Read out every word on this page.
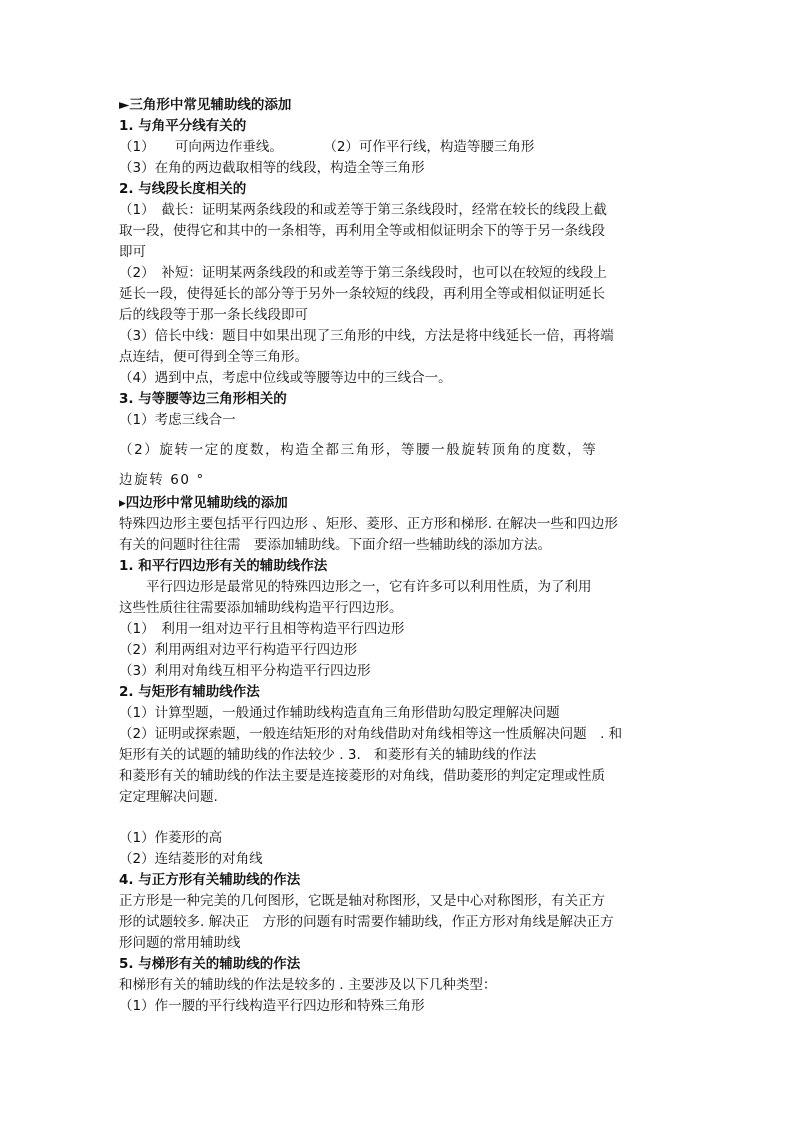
►三角形中常见辅助线的添加
1. 与角平分线有关的
（1）　　可向两边作垂线。　　　　（2）可作平行线，构造等腰三角形
（3）在角的两边截取相等的线段，构造全等三角形
2. 与线段长度相关的
（1）　截长：证明某两条线段的和或差等于第三条线段时，经常在较长的线段上截
取一段，使得它和其中的一条相等，再利用全等或相似证明余下的等于另一条线段
即可
（2）　补短：证明某两条线段的和或差等于第三条线段时，也可以在较短的线段上
延长一段，使得延长的部分等于另外一条较短的线段，再利用全等或相似证明延长
后的线段等于那一条长线段即可
（3）倍长中线：题目中如果出现了三角形的中线，方法是将中线延长一倍，再将端
点连结，便可得到全等三角形。
（4）遇到中点，考虑中位线或等腰等边中的三线合一。
3. 与等腰等边三角形相关的
（1）考虑三线合一
（2）旋转一定的度数，构造全都三角形，等腰一般旋转顶角的度数，等
边旋转 60 °
▸四边形中常见辅助线的添加
特殊四边形主要包括平行四边形 、矩形、菱形、正方形和梯形. 在解决一些和四边形
有关的问题时往往需　要添加辅助线。下面介绍一些辅助线的添加方法。
1. 和平行四边形有关的辅助线作法
　　平行四边形是最常见的特殊四边形之一，它有许多可以利用性质，为了利用
这些性质往往需要添加辅助线构造平行四边形。
（1）　利用一组对边平行且相等构造平行四边形
（2）利用两组对边平行构造平行四边形
（3）利用对角线互相平分构造平行四边形
2. 与矩形有辅助线作法
（1）计算型题，一般通过作辅助线构造直角三角形借助勾股定理解决问题
（2）证明或探索题，一般连结矩形的对角线借助对角线相等这一性质解决问题　. 和
矩形有关的试题的辅助线的作法较少 . 3.　和菱形有关的辅助线的作法
和菱形有关的辅助线的作法主要是连接菱形的对角线，借助菱形的判定定理或性质
定定理解决问题.
（1）作菱形的高
（2）连结菱形的对角线
4. 与正方形有关辅助线的作法
正方形是一种完美的几何图形，它既是轴对称图形，又是中心对称图形，有关正方
形的试题较多. 解决正　方形的问题有时需要作辅助线，作正方形对角线是解决正方
形问题的常用辅助线
5. 与梯形有关的辅助线的作法
和梯形有关的辅助线的作法是较多的 . 主要涉及以下几种类型：
（1）作一腰的平行线构造平行四边形和特殊三角形
